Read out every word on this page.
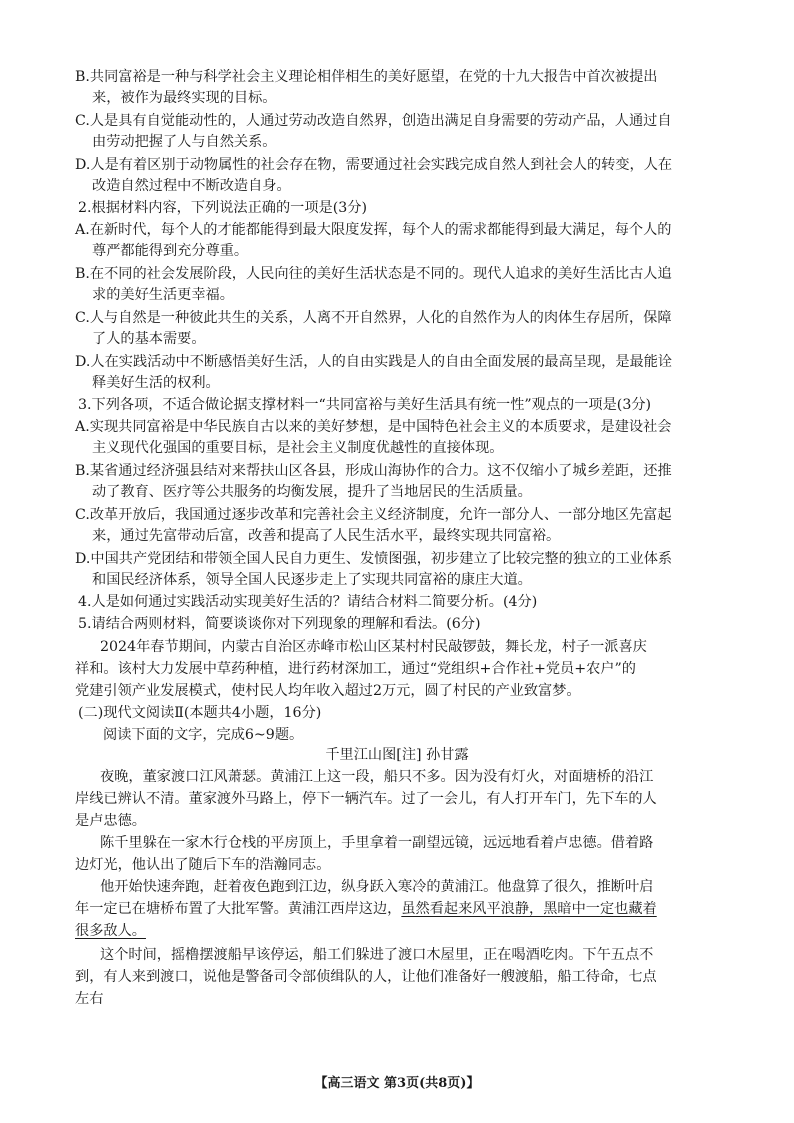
B.共同富裕是一种与科学社会主义理论相伴相生的美好愿望，在党的十九大报告中首次被提出
来，被作为最终实现的目标。
C.人是具有自觉能动性的，人通过劳动改造自然界，创造出满足自身需要的劳动产品，人通过自
由劳动把握了人与自然关系。
D.人是有着区别于动物属性的社会存在物，需要通过社会实践完成自然人到社会人的转变，人在
改造自然过程中不断改造自身。
2.根据材料内容，下列说法正确的一项是(3分)
A.在新时代，每个人的才能都能得到最大限度发挥，每个人的需求都能得到最大满足，每个人的
尊严都能得到充分尊重。
B.在不同的社会发展阶段，人民向往的美好生活状态是不同的。现代人追求的美好生活比古人追
求的美好生活更幸福。
C.人与自然是一种彼此共生的关系，人离不开自然界，人化的自然作为人的肉体生存居所，保障
了人的基本需要。
D.人在实践活动中不断感悟美好生活，人的自由实践是人的自由全面发展的最高呈现，是最能诠
释美好生活的权利。
3.下列各项，不适合做论据支撑材料一“共同富裕与美好生活具有统一性”观点的一项是(3分)
A.实现共同富裕是中华民族自古以来的美好梦想，是中国特色社会主义的本质要求，是建设社会
主义现代化强国的重要目标，是社会主义制度优越性的直接体现。
B.某省通过经济强县结对来帮扶山区各县，形成山海协作的合力。这不仅缩小了城乡差距，还推
动了教育、医疗等公共服务的均衡发展，提升了当地居民的生活质量。
C.改革开放后，我国通过逐步改革和完善社会主义经济制度，允许一部分人、一部分地区先富起
来，通过先富带动后富，改善和提高了人民生活水平，最终实现共同富裕。
D.中国共产党团结和带领全国人民自力更生、发愤图强，初步建立了比较完整的独立的工业体系
和国民经济体系，领导全国人民逐步走上了实现共同富裕的康庄大道。
4.人是如何通过实践活动实现美好生活的？请结合材料二简要分析。(4分)
5.请结合两则材料，简要谈谈你对下列现象的理解和看法。(6分)
2024年春节期间，内蒙古自治区赤峰市松山区某村村民敲锣鼓，舞长龙，村子一派喜庆
祥和。该村大力发展中草药种植，进行药材深加工，通过“党组织+合作社+党员+农户”的
党建引领产业发展模式，使村民人均年收入超过2万元，圆了村民的产业致富梦。
(二)现代文阅读Ⅱ(本题共4小题，16分)
阅读下面的文字，完成6~9题。
千里江山图[注] 孙甘露
夜晚，董家渡口江风萧瑟。黄浦江上这一段，船只不多。因为没有灯火，对面塘桥的沿江
岸线已辨认不清。董家渡外马路上，停下一辆汽车。过了一会儿，有人打开车门，先下车的人
是卢忠德。
陈千里躲在一家木行仓栈的平房顶上，手里拿着一副望远镜，远远地看着卢忠德。借着路
边灯光，他认出了随后下车的浩瀚同志。
他开始快速奔跑，赶着夜色跑到江边，纵身跃入寒冷的黄浦江。他盘算了很久，推断叶启
年一定已在塘桥布置了大批军警。黄浦江西岸这边，虽然看起来风平浪静，黑暗中一定也藏着
很多敌人。
这个时间，摇橹摆渡船早该停运，船工们躲进了渡口木屋里，正在喝酒吃肉。下午五点不
到，有人来到渡口，说他是警备司令部侦缉队的人，让他们准备好一艘渡船，船工待命，七点
左右
【高三语文 第3页(共8页)】
